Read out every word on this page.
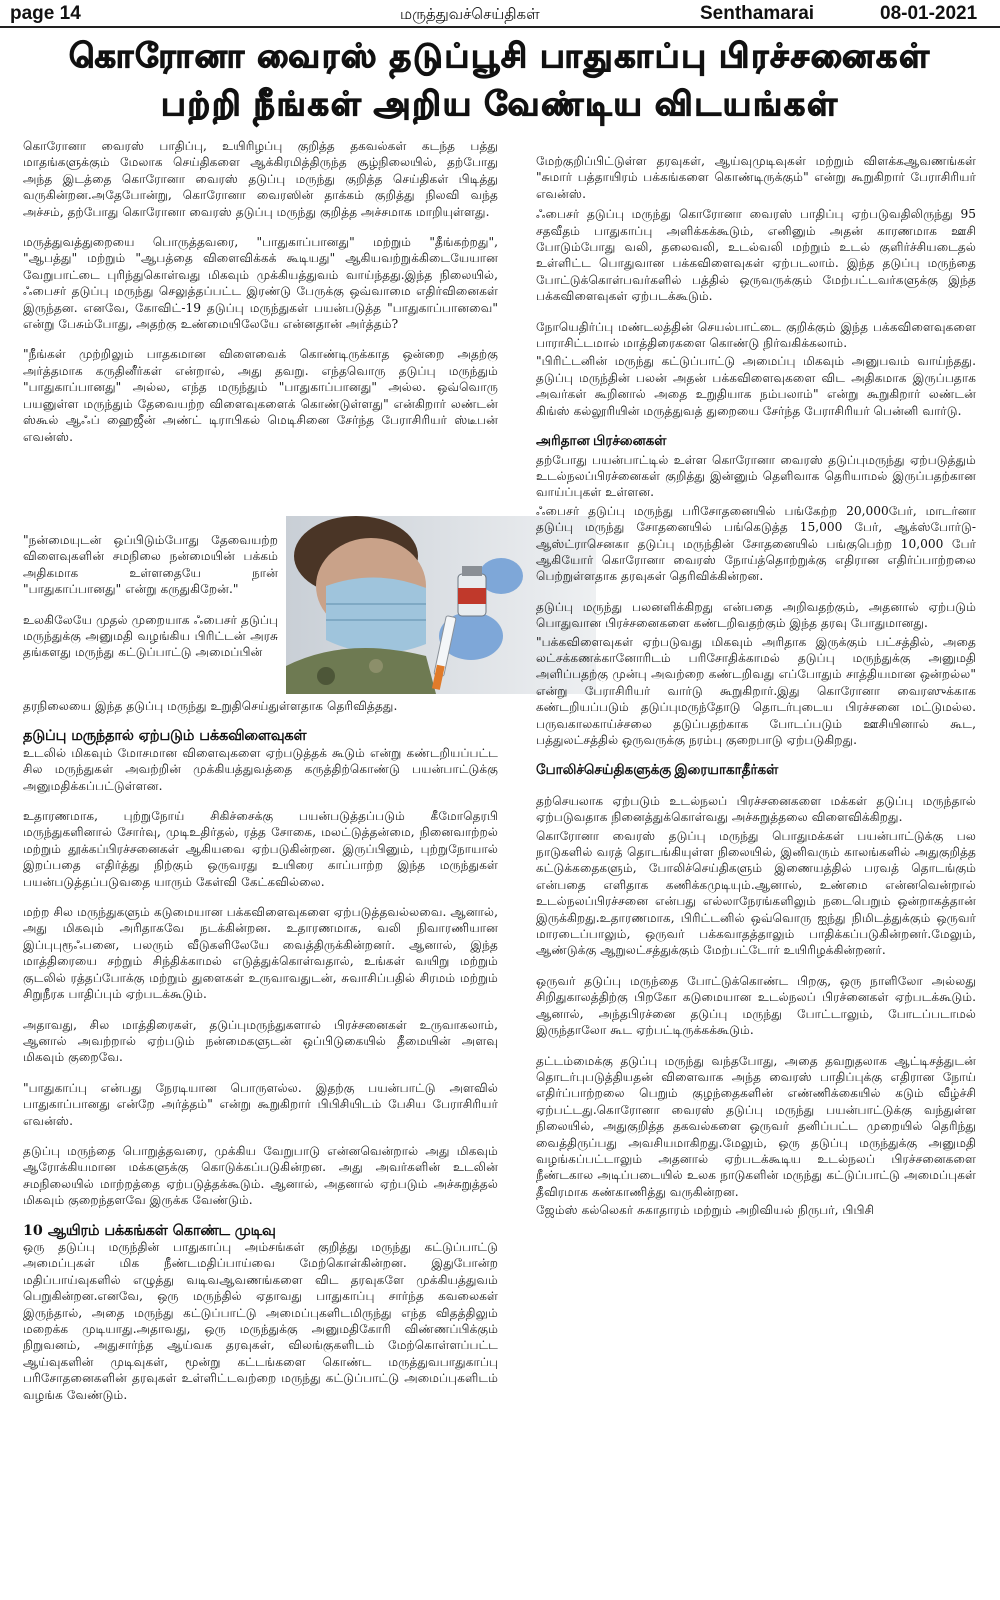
page 14	மருத்துவச்செய்திகள்	Senthamarai	08-01-2021
கொரோனா வைரஸ் தடுப்பூசி பாதுகாப்பு பிரச்சனைகள்
பற்றி நீங்கள் அறிய வேண்டிய விடயங்கள்

கொரோனா வைரஸ் பாதிப்பு, உயிரிழப்பு குறித்த தகவல்கள் கடந்த பத்து மாதங்களுக்கும் மேலாக செய்திகளை ஆக்கிரமித்திருந்த சூழ்நிலையில், தற்போது அந்த இடத்தை கொரோனா வைரஸ் தடுப்பு மருந்து குறித்த செய்திகள் பிடித்து வருகின்றன.அதேபோன்று, கொரோனா வைரஸின் தாக்கம் குறித்து நிலவி வந்த அச்சம், தற்போது கொரோனா வைரஸ் தடுப்பு மருந்து குறித்த அச்சமாக மாறியுள்ளது.

மருத்துவத்துறையை பொருத்தவரை, "பாதுகாப்பானது" மற்றும் "தீங்கற்றது", "ஆபத்து" மற்றும் "ஆபத்தை விளைவிக்கக் கூடியது" ஆகியவற்றுக்கிடையேயான வேறுபாட்டை புரிந்துகொள்வது மிகவும் முக்கியத்துவம் வாய்ந்தது.இந்த நிலையில், ஃபைசர் தடுப்பு மருந்து செலுத்தப்பட்ட இரண்டு பேருக்கு ஒவ்வாமை எதிர்வினைகள் இருந்தன. எனவே, கோவிட்-19 தடுப்பு மருந்துகள் பயன்படுத்த "பாதுகாப்பானவை" என்று பேசும்போது, அதற்கு உண்மையிலேயே என்னதான் அர்த்தம்?

"நீங்கள் முற்றிலும் பாதகமான விளைவைக் கொண்டிருக்காத ஒன்றை அதற்கு அர்த்தமாக கருதினீர்கள் என்றால், அது தவறு. எந்தவொரு தடுப்பு மருந்தும் "பாதுகாப்பானது" அல்ல, எந்த மருந்தும் "பாதுகாப்பானது" அல்ல. ஒவ்வொரு பயனுள்ள மருந்தும் தேவையற்ற விளைவுகளைக் கொண்டுள்ளது" என்கிறார் லண்டன் ஸ்கூல் ஆஃப் ஹைஜீன் அண்ட் டிராபிகல் மெடிசினை சேர்ந்த பேராசிரியர் ஸ்டீபன் எவன்ஸ்.

"நன்மையுடன் ஒப்பிடும்போது தேவையற்ற விளைவுகளின் சமநிலை நன்மையின் பக்கம் அதிகமாக உள்ளதையே நான் "பாதுகாப்பானது" என்று கருதுகிறேன்."

உலகிலேயே முதல் முறையாக ஃபைசர் தடுப்பு மருந்துக்கு அனுமதி வழங்கிய பிரிட்டன் அரசு தங்களது மருந்து கட்டுப்பாட்டு அமைப்பின்

தரநிலையை இந்த தடுப்பு மருந்து உறுதிசெய்துள்ளதாக தெரிவித்தது.

தடுப்பு மருந்தால் ஏற்படும் பக்கவிளைவுகள்

உடலில் மிகவும் மோசமான விளைவுகளை ஏற்படுத்தக் கூடும் என்று கண்டறியப்பட்ட சில மருந்துகள் அவற்றின் முக்கியத்துவத்தை கருத்திற்கொண்டு பயன்பாட்டுக்கு அனுமதிக்கப்பட்டுள்ளன.

உதாரணமாக, புற்றுநோய் சிகிச்சைக்கு பயன்படுத்தப்படும் கீமோதெரபி மருந்துகளினால் சோர்வு, முடிஉதிர்தல், ரத்த சோகை, மலட்டுத்தன்மை, நினைவாற்றல் மற்றும் தூக்கப்பிரச்சனைகள் ஆகியவை ஏற்படுகின்றன. இருப்பினும், புற்றுநோயால் இறப்பதை எதிர்த்து நிற்கும் ஒருவரது உயிரை காப்பாற்ற இந்த மருந்துகள் பயன்படுத்தப்படுவதை யாரும் கேள்வி கேட்கவில்லை.

மற்ற சில மருந்துகளும் கடுமையான பக்கவிளைவுகளை ஏற்படுத்தவல்லவை. ஆனால், அது மிகவும் அரிதாகவே நடக்கின்றன. உதாரணமாக, வலி நிவாரணியான இப்புபுரூஃபனை, பலரும் வீடுகளிலேயே வைத்திருக்கின்றனர். ஆனால், இந்த மாத்திரையை சற்றும் சிந்திக்காமல் எடுத்துக்கொள்வதால், உங்கள் வயிறு மற்றும் குடலில் ரத்தப்போக்கு மற்றும் துளைகள் உருவாவதுடன், சுவாசிப்பதில் சிரமம் மற்றும் சிறுநீரக பாதிப்பும் ஏற்படக்கூடும்.

அதாவது, சில மாத்திரைகள், தடுப்புமருந்துகளால் பிரச்சனைகள் உருவாகலாம், ஆனால் அவற்றால் ஏற்படும் நன்மைகளுடன் ஒப்பிடுகையில் தீமையின் அளவு மிகவும் குறைவே.

"பாதுகாப்பு என்பது நேரடியான பொருளல்ல. இதற்கு பயன்பாட்டு அளவில் பாதுகாப்பானது என்றே அர்த்தம்" என்று கூறுகிறார் பிபிசியிடம் பேசிய பேராசிரியர் எவன்ஸ்.

தடுப்பு மருந்தை பொறுத்தவரை, முக்கிய வேறுபாடு என்னவென்றால் அது மிகவும் ஆரோக்கியமான மக்களுக்கு கொடுக்கப்படுகின்றன. அது அவர்களின் உடலின் சமநிலையில் மாற்றத்தை ஏற்படுத்தக்கூடும். ஆனால், அதனால் ஏற்படும் அச்சுறுத்தல் மிகவும் குறைந்தளவே இருக்க வேண்டும்.

10 ஆயிரம் பக்கங்கள் கொண்ட முடிவு

ஒரு தடுப்பு மருந்தின் பாதுகாப்பு அம்சங்கள் குறித்து மருந்து கட்டுப்பாட்டு அமைப்புகள் மிக நீண்டமதிப்பாய்வை மேற்கொள்கின்றன. இதுபோன்ற மதிப்பாய்வுகளில் எழுத்து வடிவஆவணங்களை விட தரவுகளே முக்கியத்துவம் பெறுகின்றன.எனவே, ஒரு மருந்தில் ஏதாவது பாதுகாப்பு சார்ந்த கவலைகள் இருந்தால், அதை மருந்து கட்டுப்பாட்டு அமைப்புகளிடமிருந்து எந்த விதத்திலும் மறைக்க முடியாது.அதாவது, ஒரு மருந்துக்கு அனுமதிகோரி விண்ணப்பிக்கும் நிறுவனம், அதுசார்ந்த ஆய்வக தரவுகள், விலங்குகளிடம் மேற்கொள்ளப்பட்ட ஆய்வுகளின் முடிவுகள், மூன்று கட்டங்களை கொண்ட மருத்துவபாதுகாப்பு பரிசோதனைகளின் தரவுகள் உள்ளிட்டவற்றை மருந்து கட்டுப்பாட்டு அமைப்புகளிடம் வழங்க வேண்டும்.

மேற்குறிப்பிட்டுள்ள தரவுகள், ஆய்வுமுடிவுகள் மற்றும் விளக்கஆவணங்கள் "சுமார் பத்தாயிரம் பக்கங்களை கொண்டிருக்கும்" என்று கூறுகிறார் பேராசிரியர் எவன்ஸ்.

ஃபைசர் தடுப்பு மருந்து கொரோனா வைரஸ் பாதிப்பு ஏற்படுவதிலிருந்து 95 சதவீதம் பாதுகாப்பு அளிக்கக்கூடும், எனினும் அதன் காரணமாக ஊசி போடும்போது வலி, தலைவலி, உடல்வலி மற்றும் உடல் குளிர்ச்சியடைதல் உள்ளிட்ட பொதுவான பக்கவிளைவுகள் ஏற்படலாம். இந்த தடுப்பு மருந்தை போட்டுக்கொள்பவர்களில் பத்தில் ஒருவருக்கும் மேற்பட்டவர்களுக்கு இந்த பக்கவிளைவுகள் ஏற்படக்கூடும்.

நோயெதிர்ப்பு மண்டலத்தின் செயல்பாட்டை குறிக்கும் இந்த பக்கவிளைவுகளை பாராசிட்டமால் மாத்திரைகளை கொண்டு நிர்வகிக்கலாம்.

"பிரிட்டனின் மருந்து கட்டுப்பாட்டு அமைப்பு மிகவும் அனுபவம் வாய்ந்தது. தடுப்பு மருந்தின் பலன் அதன் பக்கவிளைவுகளை விட அதிகமாக இருப்பதாக அவர்கள் கூறினால் அதை உறுதியாக நம்பலாம்" என்று கூறுகிறார் லண்டன் கிங்ஸ் கல்லூரியின் மருத்துவத் துறையை சேர்ந்த பேராசிரியர் பென்னி வார்டு.

அரிதான பிரச்னைகள்

தற்போது பயன்பாட்டில் உள்ள கொரோனா வைரஸ் தடுப்புமருந்து ஏற்படுத்தும் உடல்நலப்பிரச்னைகள் குறித்து இன்னும் தெளிவாக தெரியாமல் இருப்பதற்கான வாய்ப்புகள் உள்ளன.

ஃபைசர் தடுப்பு மருந்து பரிசோதனையில் பங்கேற்ற 20,000பேர், மாடர்னா தடுப்பு மருந்து சோதனையில் பங்கெடுத்த 15,000 பேர், ஆக்ஸ்போர்டு-ஆஸ்ட்ராசெனகா தடுப்பு மருந்தின் சோதனையில் பங்குபெற்ற 10,000 பேர் ஆகியோர் கொரோனா வைரஸ் நோய்த்தொற்றுக்கு எதிரான எதிர்ப்பாற்றலை பெற்றுள்ளதாக தரவுகள் தெரிவிக்கின்றன.

தடுப்பு மருந்து பலனளிக்கிறது என்பதை அறிவதற்கும், அதனால் ஏற்படும் பொதுவான பிரச்சனைகளை கண்டறிவதற்கும் இந்த தரவு போதுமானது.

"பக்கவிளைவுகள் ஏற்படுவது மிகவும் அரிதாக இருக்கும் பட்சத்தில், அதை லட்சக்கணக்கானோரிடம் பரிசோதிக்காமல் தடுப்பு மருந்துக்கு அனுமதி அளிப்பதற்கு முன்பு அவற்றை கண்டறிவது எப்போதும் சாத்தியமான ஒன்றல்ல" என்று பேராசிரியர் வார்டு கூறுகிறார்.இது கொரோனா வைரஸுக்காக கண்டறியப்படும் தடுப்புமருந்தோடு தொடர்புடைய பிரச்சனை மட்டுமல்ல. பருவகாலகாய்ச்சலை தடுப்பதற்காக போடப்படும் ஊசியினால் கூட, பத்துலட்சத்தில் ஒருவருக்கு நரம்பு குறைபாடு ஏற்படுகிறது.

போலிச்செய்திகளுக்கு இரையாகாதீர்கள்

தற்செயலாக ஏற்படும் உடல்நலப் பிரச்சனைகளை மக்கள் தடுப்பு மருந்தால் ஏற்படுவதாக நினைத்துக்கொள்வது அச்சுறுத்தலை விளைவிக்கிறது.

கொரோனா வைரஸ் தடுப்பு மருந்து பொதுமக்கள் பயன்பாட்டுக்கு பல நாடுகளில் வரத் தொடங்கியுள்ள நிலையில், இனிவரும் காலங்களில் அதுகுறித்த கட்டுக்கதைகளும், போலிச்செய்திகளும் இணையத்தில் பரவத் தொடங்கும் என்பதை எளிதாக கணிக்கமுடியும்.ஆனால், உண்மை என்னவென்றால் உடல்நலப்பிரச்சனை என்பது எல்லாநேரங்களிலும் நடைபெறும் ஒன்றாகத்தான் இருக்கிறது.உதாரணமாக, பிரிட்டனில் ஒவ்வொரு ஐந்து நிமிடத்துக்கும் ஒருவர் மாரடைப்பாலும், ஒருவர் பக்கவாதத்தாலும் பாதிக்கப்படுகின்றனர்.மேலும், ஆண்டுக்கு ஆறுலட்சத்துக்கும் மேற்பட்டோர் உயிரிழக்கின்றனர்.

ஒருவர் தடுப்பு மருந்தை போட்டுக்கொண்ட பிறகு, ஒரு நாளிலோ அல்லது சிறிதுகாலத்திற்கு பிறகோ கடுமையான உடல்நலப் பிரச்னைகள் ஏற்படக்கூடும். ஆனால், அந்தபிரச்னை தடுப்பு மருந்து போட்டாலும், போடப்படாமல் இருந்தாலோ கூட ஏற்பட்டிருக்கக்கூடும்.

தட்டம்மைக்கு தடுப்பு மருந்து வந்தபோது, அதை தவறுதலாக ஆட்டிசத்துடன் தொடர்புபடுத்தியதன் விளைவாக அந்த வைரஸ் பாதிப்புக்கு எதிரான நோய் எதிர்ப்பாற்றலை பெறும் குழந்தைகளின் எண்ணிக்கையில் கடும் வீழ்ச்சி ஏற்பட்டது.கொரோனா வைரஸ் தடுப்பு மருந்து பயன்பாட்டுக்கு வந்துள்ள நிலையில், அதுகுறித்த தகவல்களை ஒருவர் தனிப்பட்ட முறையில் தெரிந்து வைத்திருப்பது அவசியமாகிறது.மேலும், ஒரு தடுப்பு மருந்துக்கு அனுமதி வழங்கப்பட்டாலும் அதனால் ஏற்படக்கூடிய உடல்நலப் பிரச்சனைகளை நீண்டகால அடிப்படையில் உலக நாடுகளின் மருந்து கட்டுப்பாட்டு அமைப்புகள் தீவிரமாக கண்காணித்து வருகின்றன.

ஜேம்ஸ் கல்லெகர் சுகாதாரம் மற்றும் அறிவியல் நிருபர், பிபிசி
